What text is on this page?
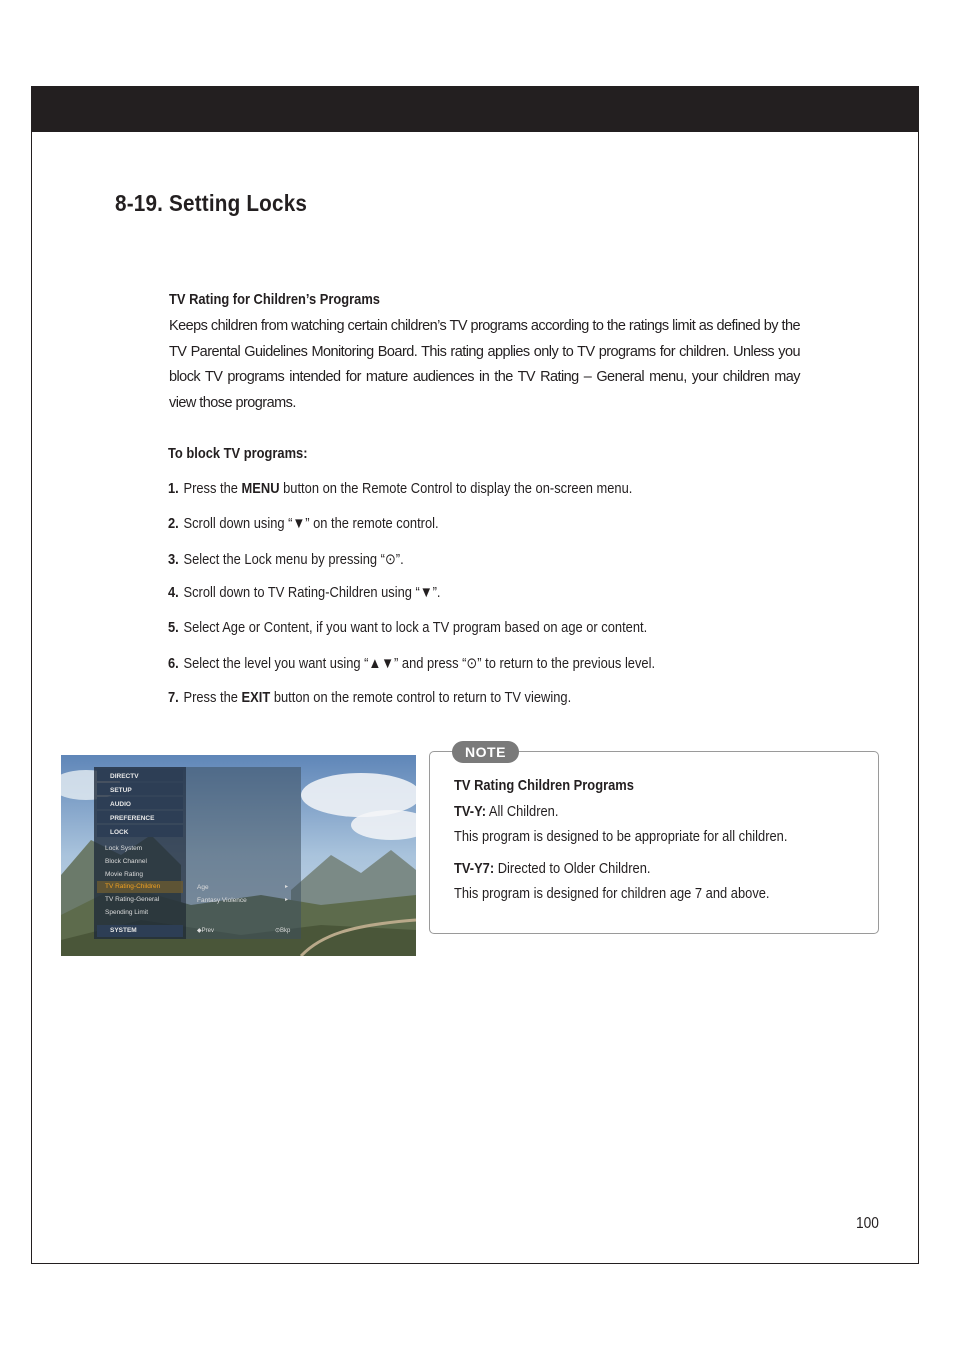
8-19. Setting Locks
TV Rating for Children’s Programs

Keeps children from watching certain children’s TV programs according to the ratings limit as defined by the TV Parental Guidelines Monitoring Board. This rating applies only to TV programs for children. Unless you block TV programs intended for mature audiences in the TV Rating – General menu, your children may view those programs.

To block TV programs:
1. Press the MENU button on the Remote Control to display the on-screen menu.
2. Scroll down using “▼” on the remote control.
3. Select the Lock menu by pressing “⊙”.
4. Scroll down to TV Rating-Children using “▼”.
5. Select Age or Content, if you want to lock a TV program based on age or content.
6. Select the level you want using “▲▼” and press “⊙” to return to the previous level.
7. Press the EXIT button on the remote control to return to TV viewing.
DIRECTV
SETUP
AUDIO
PREFERENCE
LOCK
Lock System
Block Channel
Movie Rating
TV Rating-Children
TV Rating-General
Spending Limit
SYSTEM
Age
Fantasy Violence
▸
▸
◆Prev	⊙Bkp
NOTE
TV Rating Children Programs
TV-Y: All Children.
This program is designed to be appropriate for all children.
TV-Y7: Directed to Older Children.
This program is designed for children age 7 and above.
100
